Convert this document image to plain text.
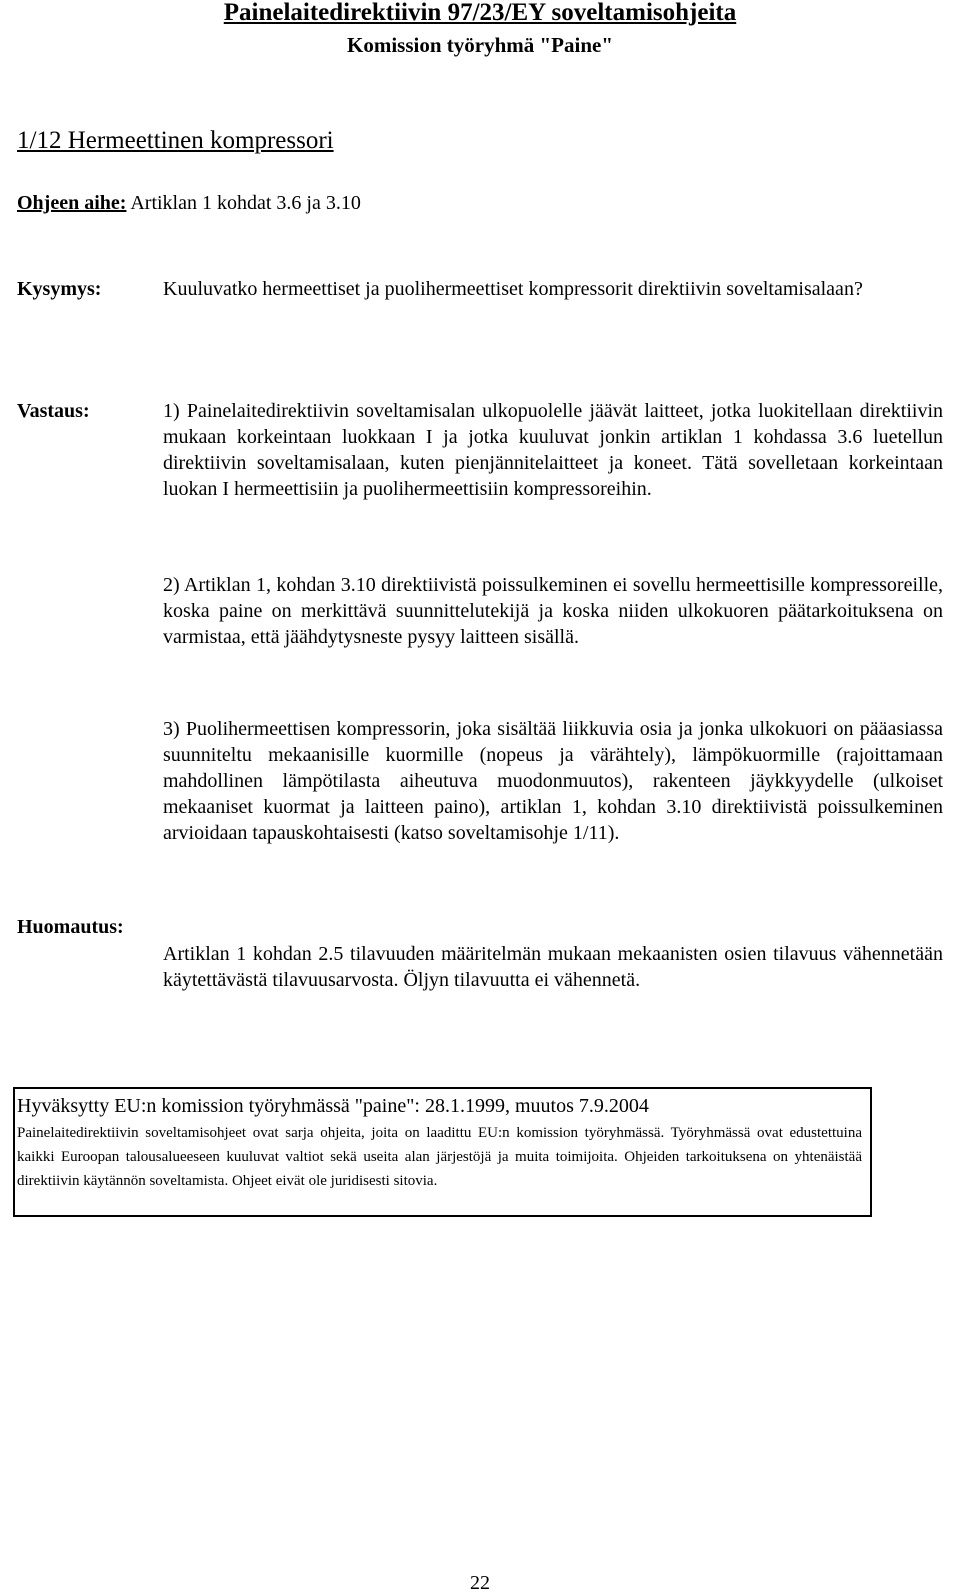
Painelaitedirektiivin 97/23/EY soveltamisohjeita
Komission työryhmä "Paine"
1/12 Hermeettinen kompressori
Ohjeen aihe: Artiklan 1 kohdat 3.6 ja 3.10
Kysymys:	Kuuluvatko hermeettiset ja puolihermeettiset kompressorit direktiivin soveltamisalaan?

Vastaus:	1) Painelaitedirektiivin soveltamisalan ulkopuolelle jäävät laitteet, jotka luokitellaan direktiivin mukaan korkeintaan luokkaan I ja jotka kuuluvat jonkin artiklan 1 kohdassa 3.6 luetellun direktiivin soveltamisalaan, kuten pienjännitelaitteet ja koneet. Tätä sovelletaan korkeintaan luokan I hermeettisiin ja puolihermeettisiin kompressoreihin.

2) Artiklan 1, kohdan 3.10 direktiivistä poissulkeminen ei sovellu hermeettisille kompressoreille, koska paine on merkittävä suunnittelutekijä ja koska niiden ulkokuoren päätarkoituksena on varmistaa, että jäähdytysneste pysyy laitteen sisällä.

3) Puolihermeettisen kompressorin, joka sisältää liikkuvia osia ja jonka ulkokuori on pääasiassa suunniteltu mekaanisille kuormille (nopeus ja värähtely), lämpökuormille (rajoittamaan mahdollinen lämpötilasta aiheutuva muodonmuutos), rakenteen jäykkyydelle (ulkoiset mekaaniset kuormat ja laitteen paino), artiklan 1, kohdan 3.10 direktiivistä poissulkeminen arvioidaan tapauskohtaisesti (katso soveltamisohje 1/11).

Huomautus:

Artiklan 1 kohdan 2.5 tilavuuden määritelmän mukaan mekaanisten osien tilavuus vähennetään käytettävästä tilavuusarvosta. Öljyn tilavuutta ei vähennetä.

Hyväksytty EU:n komission työryhmässä "paine": 28.1.1999, muutos 7.9.2004

Painelaitedirektiivin soveltamisohjeet ovat sarja ohjeita, joita on laadittu EU:n komission työryhmässä. Työryhmässä ovat edustettuina kaikki Euroopan talousalueeseen kuuluvat valtiot sekä useita alan järjestöjä ja muita toimijoita. Ohjeiden tarkoituksena on yhtenäistää direktiivin käytännön soveltamista. Ohjeet eivät ole juridisesti sitovia.

22
